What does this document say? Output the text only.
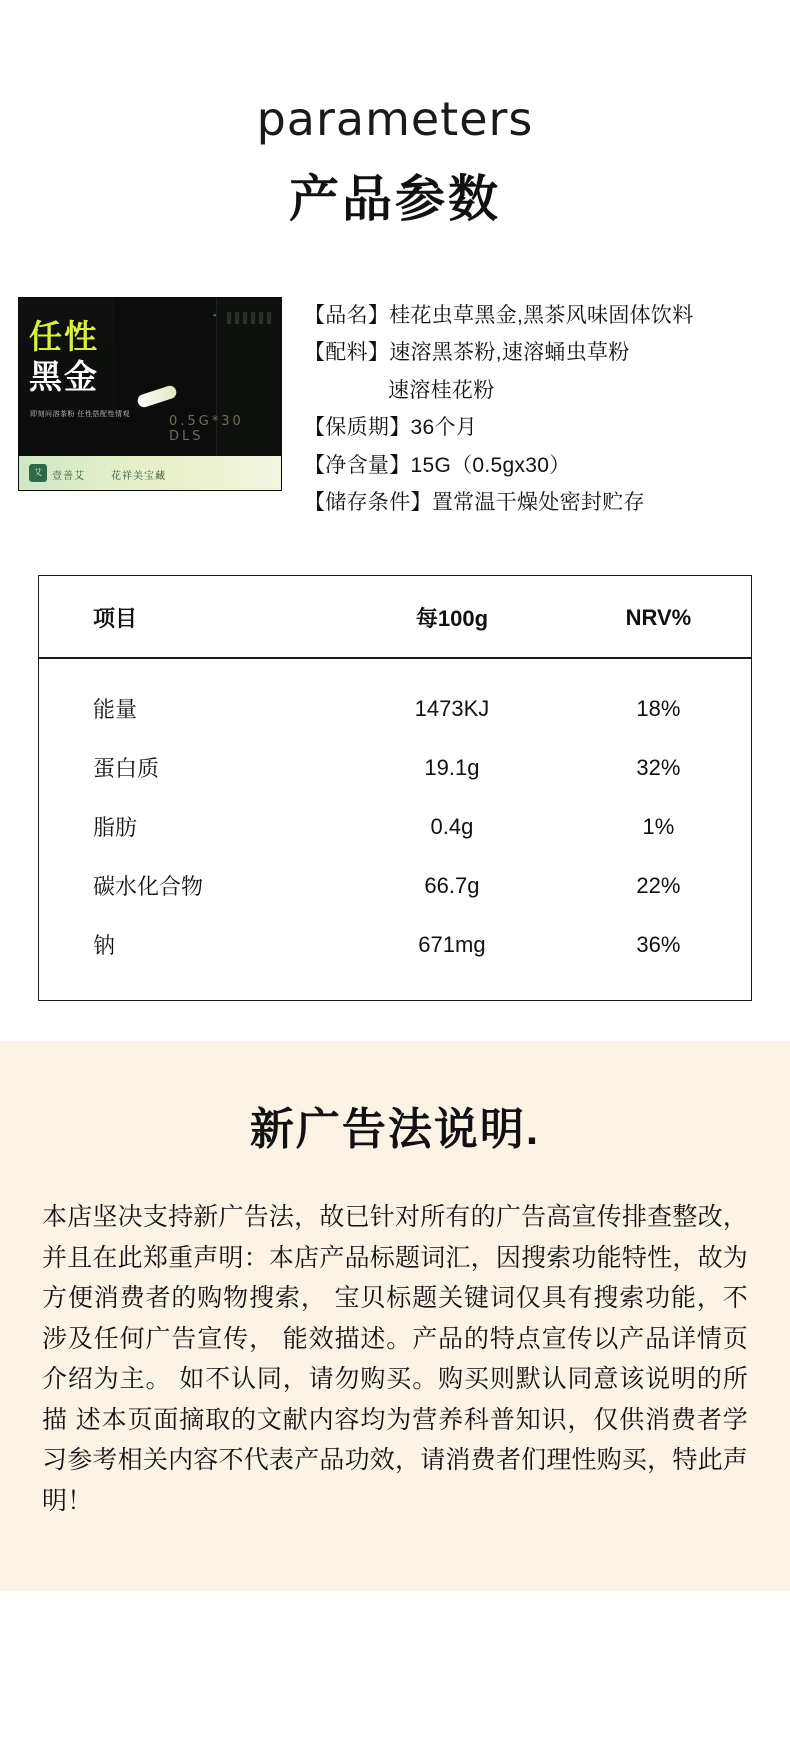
parameters
产品参数
任性
黑金
即刻问溶茶粉 任性搭配性情观	0.5G*30 DLS
艾	壹善艾	花祥美宝藏
【品名】桂花虫草黑金,黑茶风味固体饮料
【配料】速溶黑茶粉,速溶蛹虫草粉
速溶桂花粉
【保质期】36个月
【净含量】15G（0.5gx30）
【储存条件】置常温干燥处密封贮存
项目	每100g	NRV%
能量	1473KJ	18%
蛋白质	19.1g	32%
脂肪	0.4g	1%
碳水化合物	66.7g	22%
钠	671mg	36%
新广告法说明.

本店坚决支持新广告法，故已针对所有的广告高宣传排查整改，并且在此郑重声明：本店产品标题词汇，因搜索功能特性，故为方便消费者的购物搜索， 宝贝标题关键词仅具有搜索功能，不涉及任何广告宣传， 能效描述。产品的特点宣传以产品详情页介绍为主。 如不认同，请勿购买。购买则默认同意该说明的所描 述本页面摘取的文献内容均为营养科普知识，仅供消费者学习参考相关内容不代表产品功效，请消费者们理性购买，特此声明！
